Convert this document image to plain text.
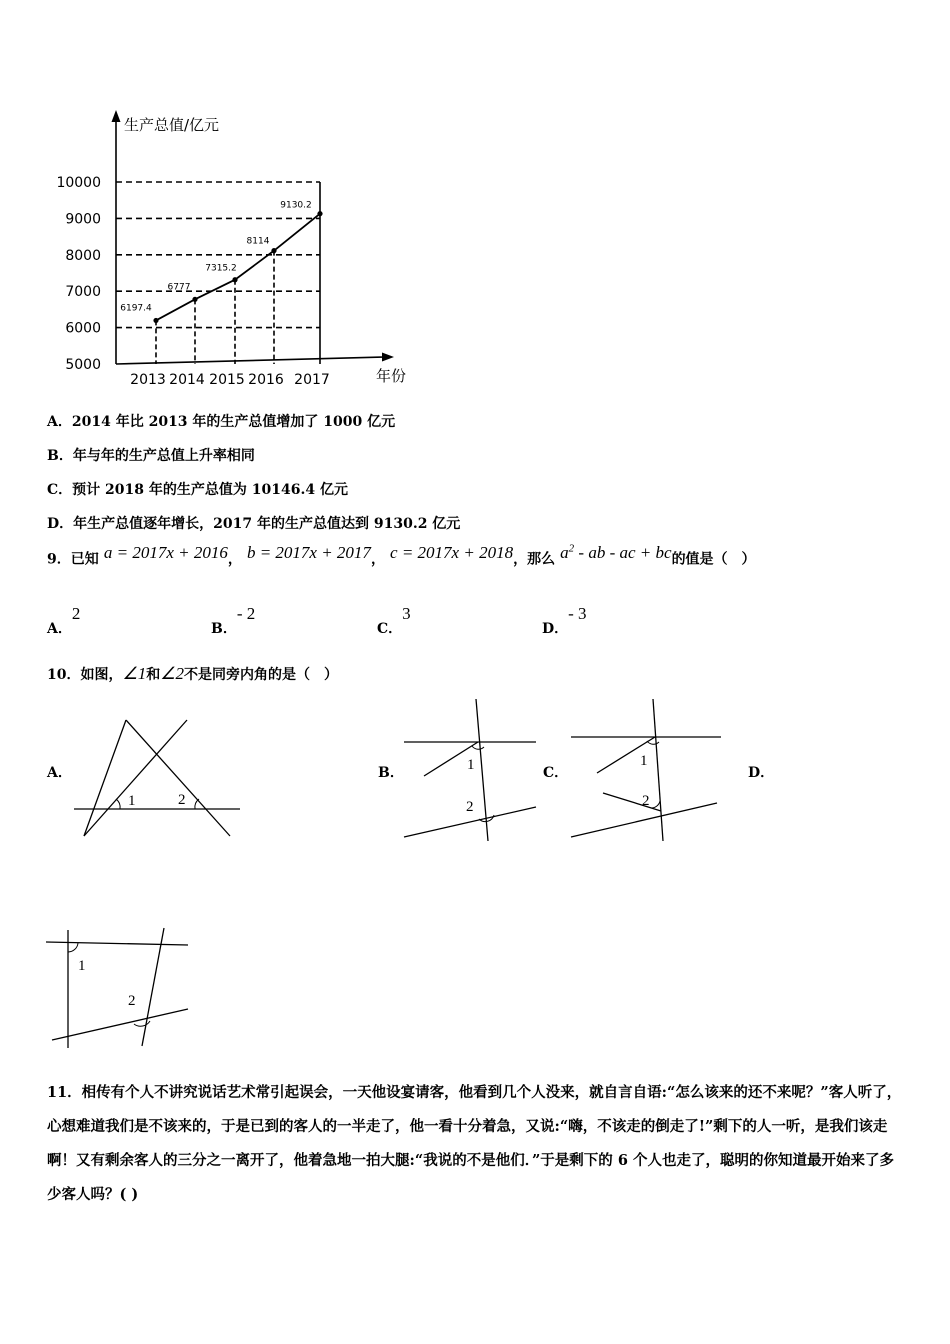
生产总值/亿元
年份
5000
6000
7000
8000
9000
10000
2013 2014 2015 2016 2017
6197.4
6777
7315.2
8114
9130.2
A．2014 年比 2013 年的生产总值增加了 1000 亿元
B．年与年的生产总值上升率相同
C．预计 2018 年的生产总值为 10146.4 亿元
D．年生产总值逐年增长，2017 年的生产总值达到 9130.2 亿元
9．已知 a = 2017x + 2016， b = 2017x + 2017， c = 2017x + 2018，那么 $a^2$ - ab - ac + bc的值是（　）
A．2
B．- 2
C．3
D．- 3
10．如图，∠1和∠2不是同旁内角的是（　）
A．	B．	C．	D．
1	2
1
2
1
2
1
2
11．相传有个人不讲究说话艺术常引起误会，一天他设宴请客，他看到几个人没来，就自言自语:“怎么该来的还不来呢？”客人听了，心想难道我们是不该来的，于是已到的客人的一半走了，他一看十分着急，又说:“嗨，不该走的倒走了!”剩下的人一听，是我们该走啊！又有剩余客人的三分之一离开了，他着急地一拍大腿:“我说的不是他们．”于是剩下的 6 个人也走了，聪明的你知道最开始来了多少客人吗？( )
